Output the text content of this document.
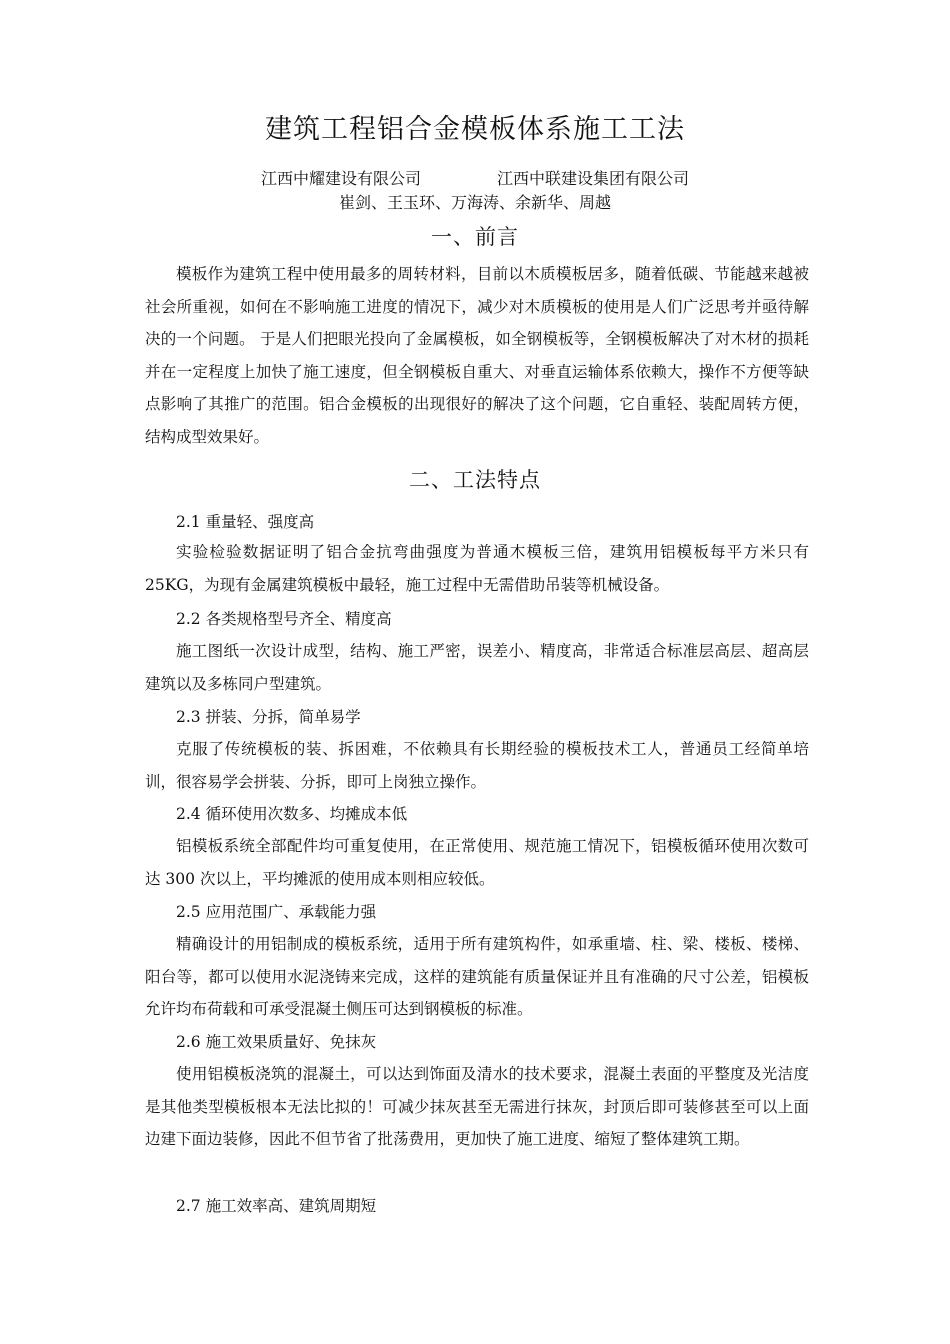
建筑工程铝合金模板体系施工工法
江西中耀建设有限公司	江西中联建设集团有限公司
崔剑、王玉环、万海涛、余新华、周越
一、前言

模板作为建筑工程中使用最多的周转材料，目前以木质模板居多，随着低碳、节能越来越被社会所重视，如何在不影响施工进度的情况下，减少对木质模板的使用是人们广泛思考并亟待解决的一个问题。 于是人们把眼光投向了金属模板，如全钢模板等，全钢模板解决了对木材的损耗并在一定程度上加快了施工速度，但全钢模板自重大、对垂直运输体系依赖大，操作不方便等缺点影响了其推广的范围。铝合金模板的出现很好的解决了这个问题，它自重轻、装配周转方便，结构成型效果好。

二、工法特点

2.1 重量轻、强度高

实验检验数据证明了铝合金抗弯曲强度为普通木模板三倍，建筑用铝模板每平方米只有25KG，为现有金属建筑模板中最轻，施工过程中无需借助吊装等机械设备。

2.2 各类规格型号齐全、精度高

施工图纸一次设计成型，结构、施工严密，误差小、精度高，非常适合标准层高层、超高层建筑以及多栋同户型建筑。

2.3 拼装、分拆，简单易学

克服了传统模板的装、拆困难，不依赖具有长期经验的模板技术工人，普通员工经简单培训，很容易学会拼装、分拆，即可上岗独立操作。

2.4 循环使用次数多、均摊成本低

铝模板系统全部配件均可重复使用，在正常使用、规范施工情况下，铝模板循环使用次数可达 300 次以上，平均摊派的使用成本则相应较低。

2.5 应用范围广、承载能力强

精确设计的用铝制成的模板系统，适用于所有建筑构件，如承重墙、柱、梁、楼板、楼梯、阳台等，都可以使用水泥浇铸来完成，这样的建筑能有质量保证并且有准确的尺寸公差，铝模板允许均布荷载和可承受混凝土侧压可达到钢模板的标准。

2.6 施工效果质量好、免抹灰

使用铝模板浇筑的混凝土，可以达到饰面及清水的技术要求，混凝土表面的平整度及光洁度是其他类型模板根本无法比拟的！可减少抹灰甚至无需进行抹灰，封顶后即可装修甚至可以上面边建下面边装修，因此不但节省了批荡费用，更加快了施工进度、缩短了整体建筑工期。

2.7 施工效率高、建筑周期短
